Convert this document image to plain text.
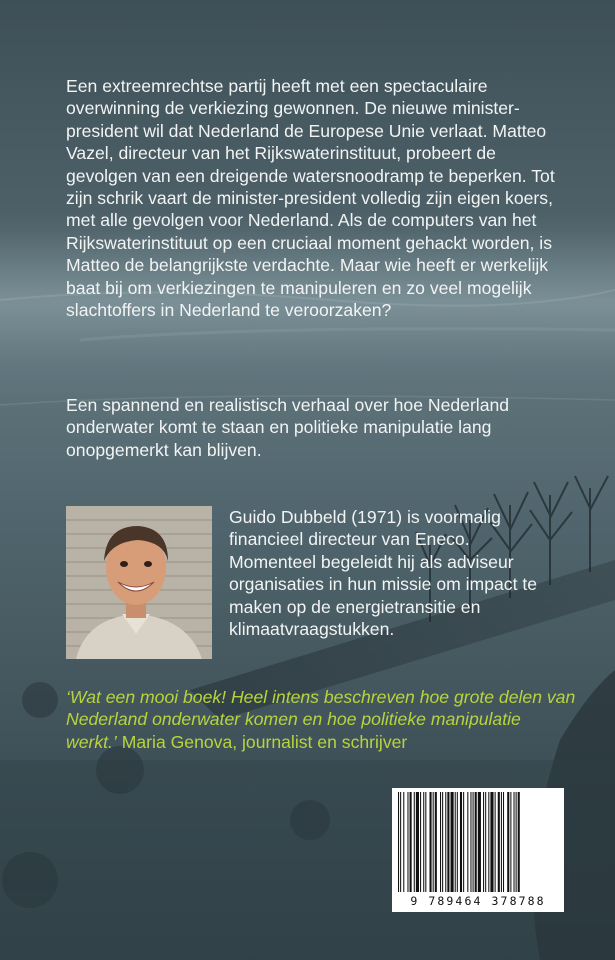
Een extreemrechtse partij heeft met een spectaculaire overwinning de verkiezing gewonnen. De nieuwe minister-president wil dat Nederland de Europese Unie verlaat. Matteo Vazel, directeur van het Rijkswaterinstituut, probeert de gevolgen van een dreigende watersnoodramp te beperken. Tot zijn schrik vaart de minister-president volledig zijn eigen koers, met alle gevolgen voor Nederland. Als de computers van het Rijkswaterinstituut op een cruciaal moment gehackt worden, is Matteo de belangrijkste verdachte. Maar wie heeft er werkelijk baat bij om verkiezingen te manipuleren en zo veel mogelijk slachtoffers in Nederland te veroorzaken?
Een spannend en realistisch verhaal over hoe Nederland onderwater komt te staan en politieke manipulatie lang onopgemerkt kan blijven.
Guido Dubbeld (1971) is voormalig financieel directeur van Eneco. Momenteel begeleidt hij als adviseur organisaties in hun missie om impact te maken op de energietransitie en klimaatvraagstukken.
‘Wat een mooi boek! Heel intens beschreven hoe grote delen van Nederland onderwater komen en hoe politieke manipulatie werkt.’ Maria Genova, journalist en schrijver
9 789464 378788
